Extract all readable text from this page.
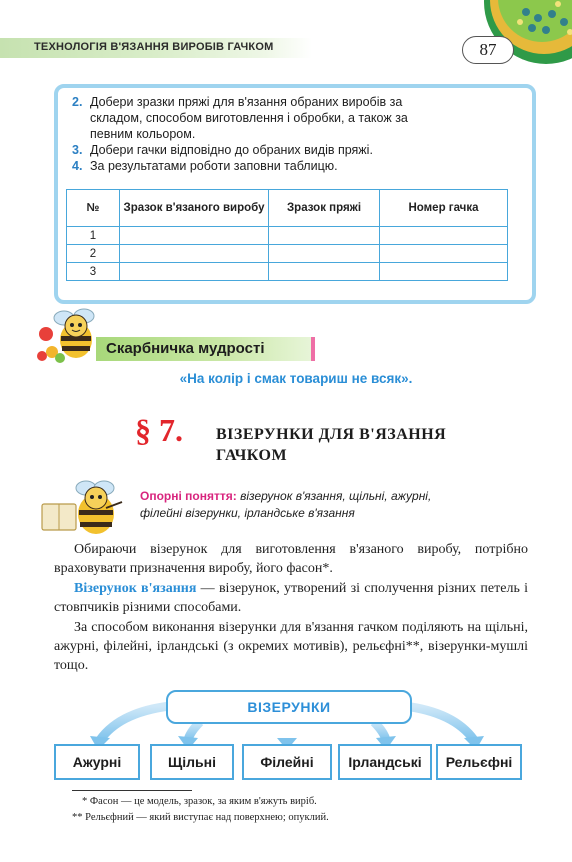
ТЕХНОЛОГІЯ В'ЯЗАННЯ ВИРОБІВ ГАЧКОМ	87
2. Добери зразки пряжі для в'язання обраних виробів за
складом, способом виготовлення і обробки, а також за
певним кольором.
3. Добери гачки відповідно до обраних видів пряжі.
4. За результатами роботи заповни таблицю.
№	Зразок в'язаного виробу	Зразок пряжі	Номер гачка
1			
2			
3			
Скарбничка мудрості
«На колір і смак товариш не всяк».
§ 7. ВІЗЕРУНКИ ДЛЯ В'ЯЗАННЯ
ГАЧКОМ
Опорні поняття: візерунок в'язання, щільні, ажурні,
філейні візерунки, ірландське в'язання
Обираючи візерунок для виготовлення в'язаного виробу, потрібно враховувати призначення виробу, його фасон*.
Візерунок в'язання — візерунок, утворений зі сполучення різних петель і стовпчиків різними способами.
За способом виконання візерунки для в'язання гачком поділяють на щільні, ажурні, філейні, ірландські (з окремих мотивів), рельєфні**, візерунки-мушлі тощо.
ВІЗЕРУНКИ
Ажурні	Щільні	Філейні	Ірландські	Рельєфні
* Фасон — це модель, зразок, за яким в'яжуть виріб.
** Рельєфний — який виступає над поверхнею; опуклий.
